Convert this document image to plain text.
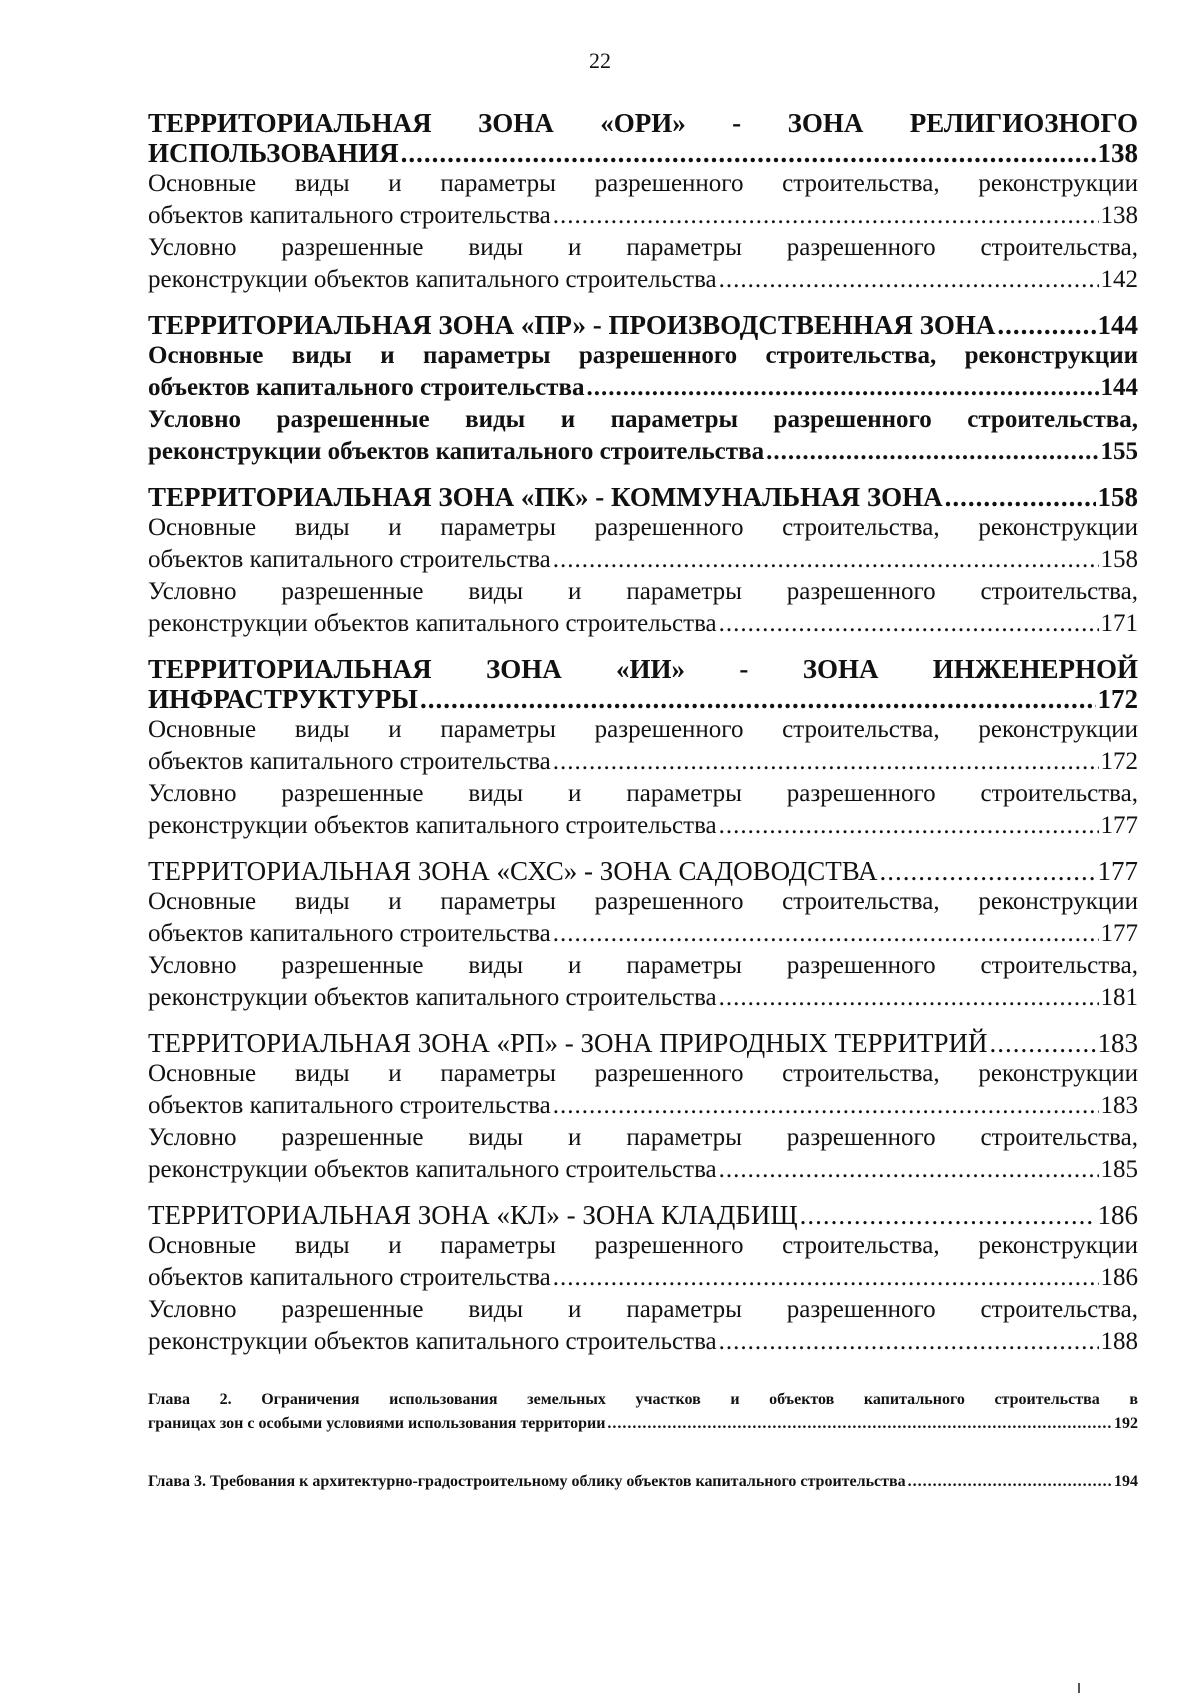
22
ТЕРРИТОРИАЛЬНАЯ ЗОНА «ОРИ» - ЗОНА РЕЛИГИОЗНОГО
ИСПОЛЬЗОВАНИЯ .....	138
Основные виды и параметры разрешенного строительства, реконструкции
объектов капитального строительства .....	138
Условно разрешенные виды и параметры разрешенного строительства,
реконструкции объектов капитального строительства .....	142
ТЕРРИТОРИАЛЬНАЯ ЗОНА «ПР» - ПРОИЗВОДСТВЕННАЯ ЗОНА .....	144
Основные виды и параметры разрешенного строительства, реконструкции
объектов капитального строительства .....	144
Условно разрешенные виды и параметры разрешенного строительства,
реконструкции объектов капитального строительства .....	155
ТЕРРИТОРИАЛЬНАЯ ЗОНА «ПК» - КОММУНАЛЬНАЯ ЗОНА .....	158
Основные виды и параметры разрешенного строительства, реконструкции
объектов капитального строительства .....	158
Условно разрешенные виды и параметры разрешенного строительства,
реконструкции объектов капитального строительства .....	171
ТЕРРИТОРИАЛЬНАЯ ЗОНА «ИИ» - ЗОНА ИНЖЕНЕРНОЙ
ИНФРАСТРУКТУРЫ .....	172
Основные виды и параметры разрешенного строительства, реконструкции
объектов капитального строительства .....	172
Условно разрешенные виды и параметры разрешенного строительства,
реконструкции объектов капитального строительства .....	177
ТЕРРИТОРИАЛЬНАЯ ЗОНА «СХС» - ЗОНА САДОВОДСТВА .....	177
Основные виды и параметры разрешенного строительства, реконструкции
объектов капитального строительства .....	177
Условно разрешенные виды и параметры разрешенного строительства,
реконструкции объектов капитального строительства .....	181
ТЕРРИТОРИАЛЬНАЯ ЗОНА «РП» - ЗОНА ПРИРОДНЫХ ТЕРРИТРИЙ .....	183
Основные виды и параметры разрешенного строительства, реконструкции
объектов капитального строительства .....	183
Условно разрешенные виды и параметры разрешенного строительства,
реконструкции объектов капитального строительства .....	185
ТЕРРИТОРИАЛЬНАЯ ЗОНА «КЛ» - ЗОНА КЛАДБИЩ .....	186
Основные виды и параметры разрешенного строительства, реконструкции
объектов капитального строительства .....	186
Условно разрешенные виды и параметры разрешенного строительства,
реконструкции объектов капитального строительства .....	188
Глава 2. Ограничения использования земельных участков и объектов капитального строительства в
границах зон с особыми условиями использования территории .....	192
Глава 3. Требования к архитектурно-градостроительному облику объектов капитального строительства .....	194
